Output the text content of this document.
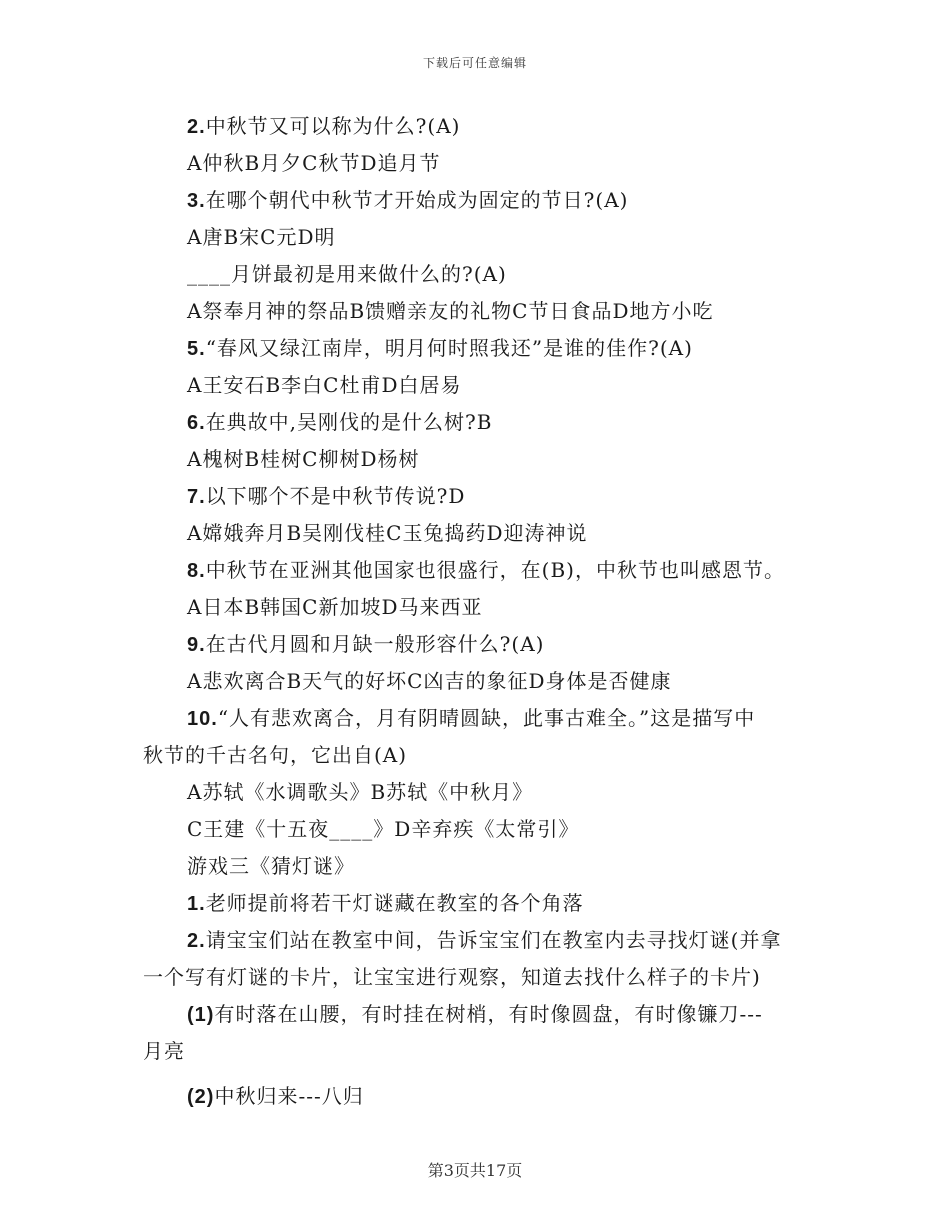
下载后可任意编辑
2.中秋节又可以称为什么?(A)
A仲秋B月夕C秋节D追月节
3.在哪个朝代中秋节才开始成为固定的节日?(A)
A唐B宋C元D明
____月饼最初是用来做什么的?(A)
A祭奉月神的祭品B馈赠亲友的礼物C节日食品D地方小吃
5.“春风又绿江南岸，明月何时照我还”是谁的佳作?(A)
A王安石B李白C杜甫D白居易
6.在典故中,吴刚伐的是什么树?B
A槐树B桂树C柳树D杨树
7.以下哪个不是中秋节传说?D
A嫦娥奔月B吴刚伐桂C玉兔捣药D迎涛神说
8.中秋节在亚洲其他国家也很盛行，在(B)，中秋节也叫感恩节。
A日本B韩国C新加坡D马来西亚
9.在古代月圆和月缺一般形容什么?(A)
A悲欢离合B天气的好坏C凶吉的象征D身体是否健康
10.“人有悲欢离合，月有阴晴圆缺，此事古难全。”这是描写中
秋节的千古名句，它出自(A)
A苏轼《水调歌头》B苏轼《中秋月》
C王建《十五夜____》D辛弃疾《太常引》
游戏三《猜灯谜》
1.老师提前将若干灯谜藏在教室的各个角落
2.请宝宝们站在教室中间，告诉宝宝们在教室内去寻找灯谜(并拿
一个写有灯谜的卡片，让宝宝进行观察，知道去找什么样子的卡片)
(1)有时落在山腰，有时挂在树梢，有时像圆盘，有时像镰刀---
月亮
(2)中秋归来---八归
第3页共17页
